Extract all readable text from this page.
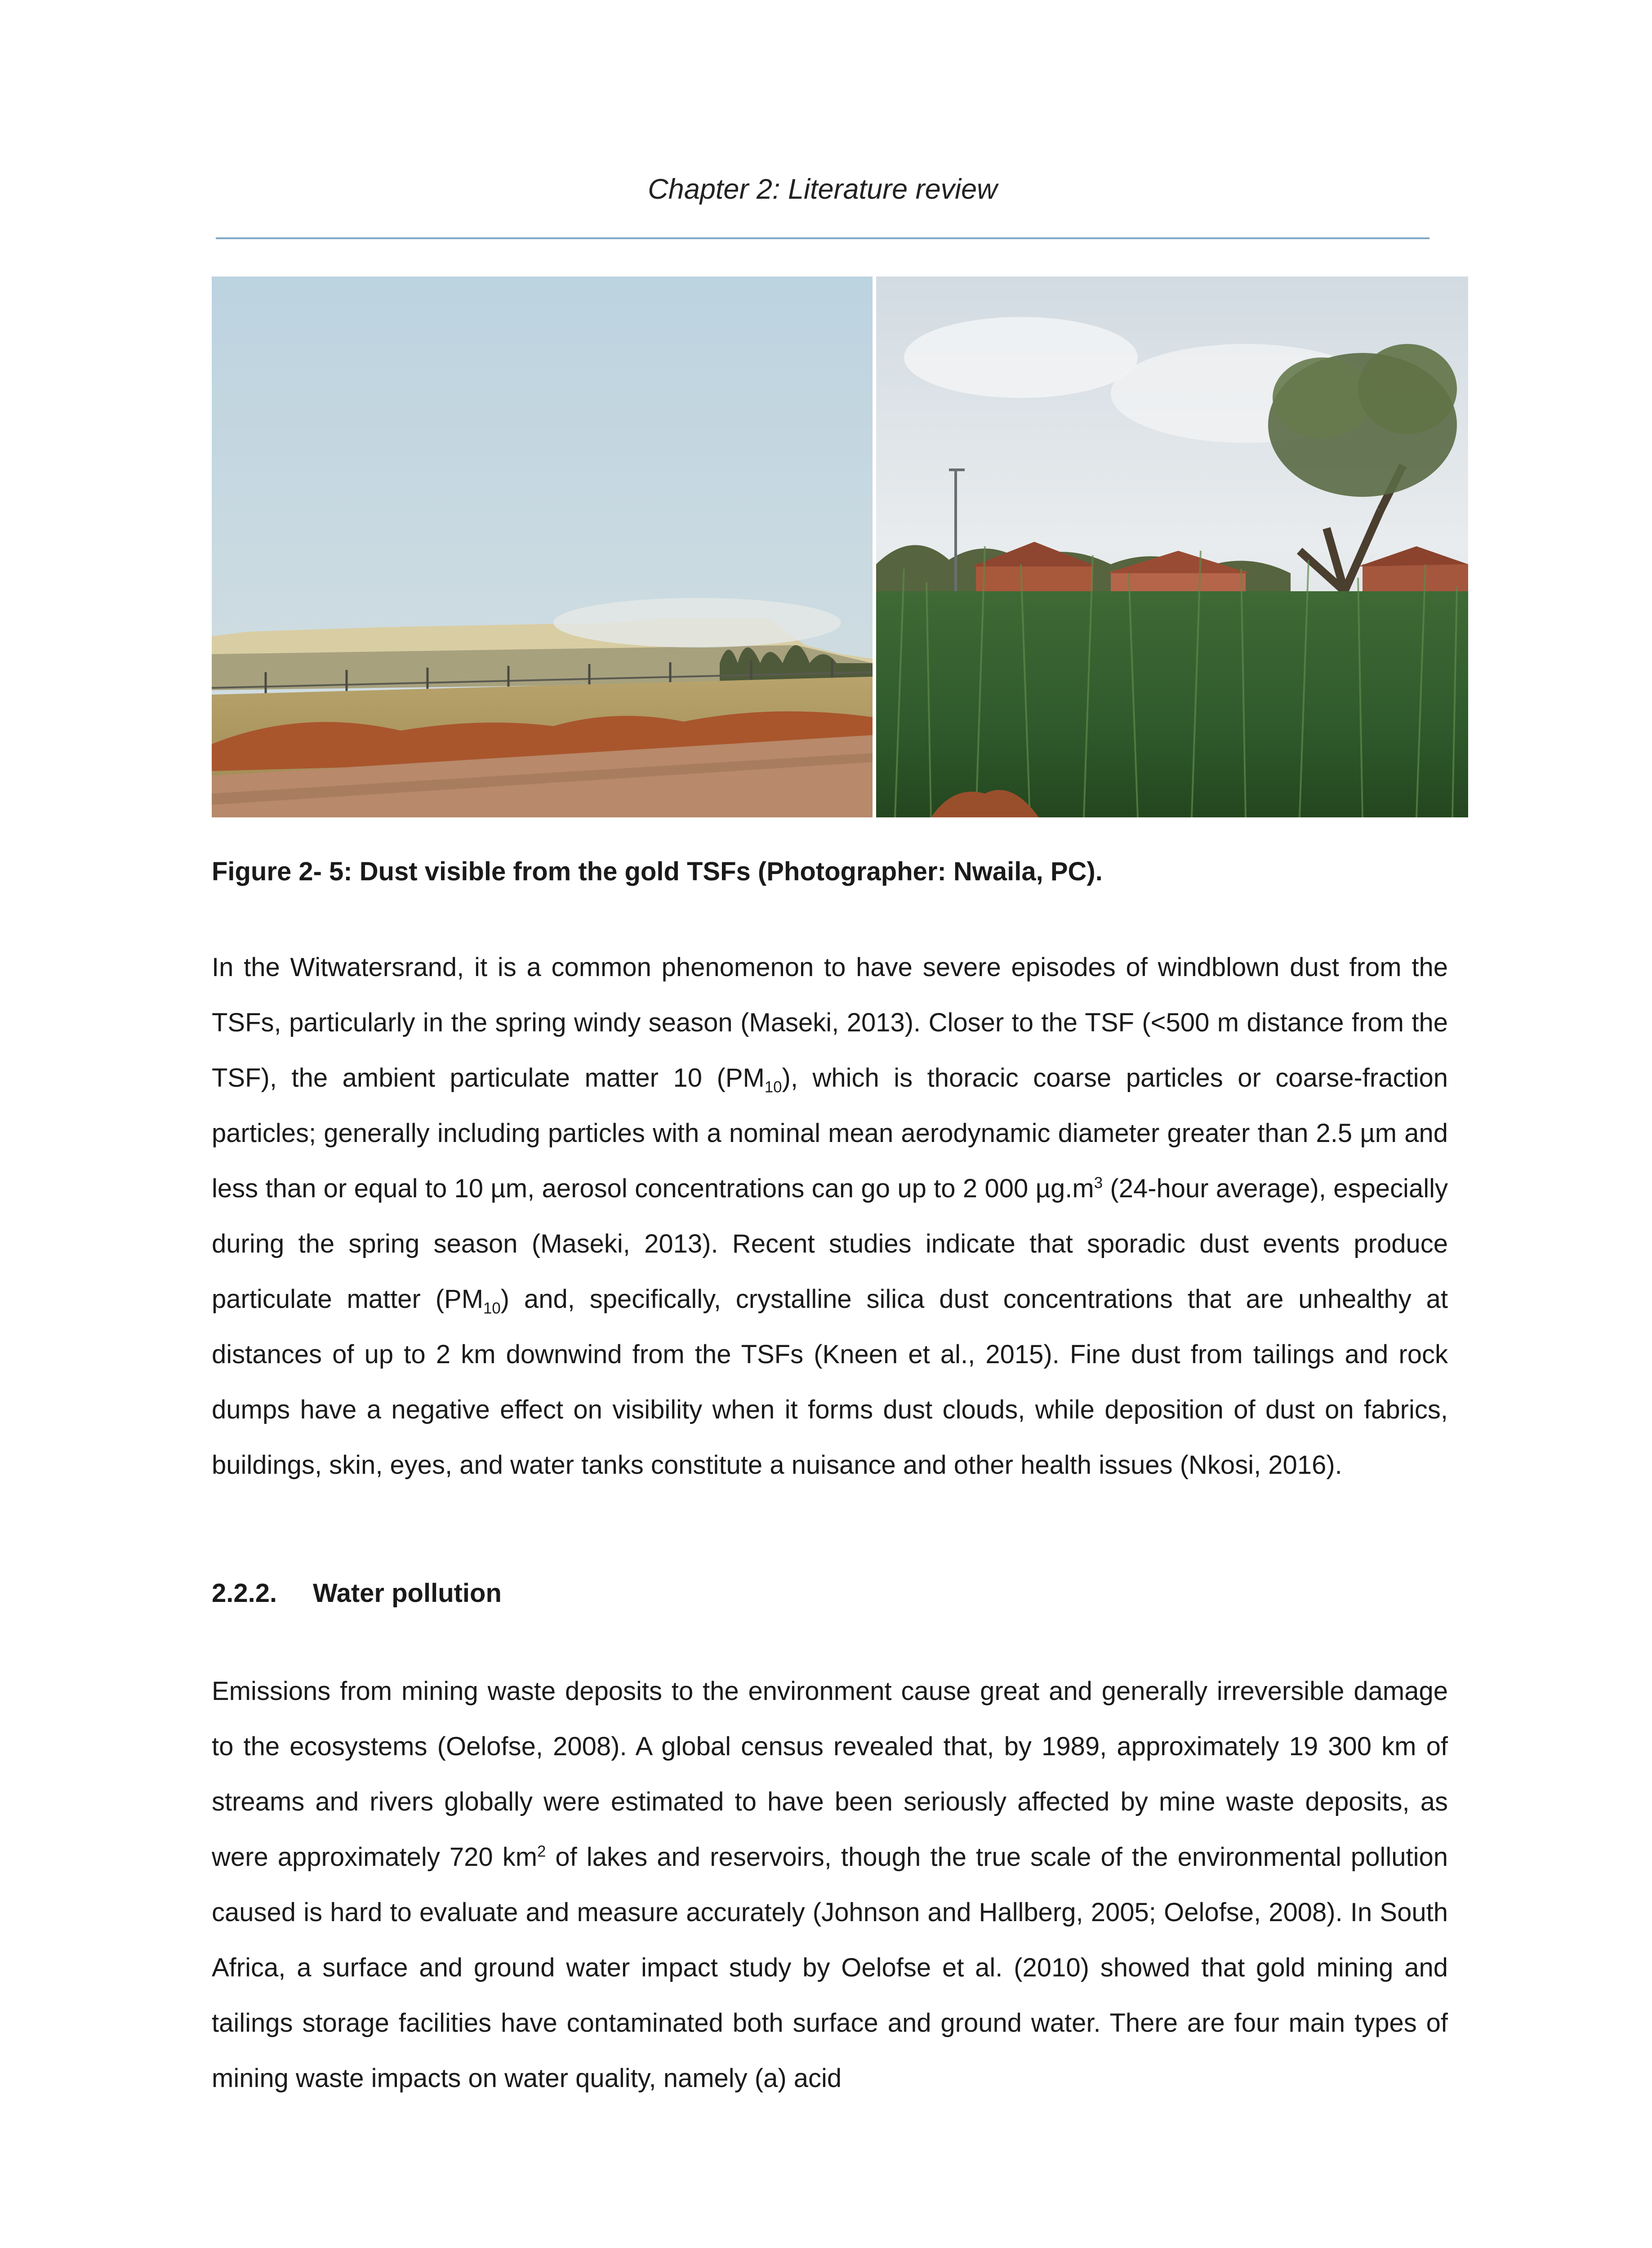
Chapter 2: Literature review
Figure 2- 5: Dust visible from the gold TSFs (Photographer: Nwaila, PC).

In the Witwatersrand, it is a common phenomenon to have severe episodes of windblown dust from the TSFs, particularly in the spring windy season (Maseki, 2013). Closer to the TSF (<500 m distance from the TSF), the ambient particulate matter 10 $(PM_{10})$, which is thoracic coarse particles or coarse-fraction particles; generally including particles with a nominal mean aerodynamic diameter greater than 2.5 µm and less than or equal to 10 µm, aerosol concentrations can go up to 2 000 $\mu g.m^3$ (24-hour average), especially during the spring season (Maseki, 2013). Recent studies indicate that sporadic dust events produce particulate matter $(PM_{10})$ and, specifically, crystalline silica dust concentrations that are unhealthy at distances of up to 2 km downwind from the TSFs (Kneen et al., 2015). Fine dust from tailings and rock dumps have a negative effect on visibility when it forms dust clouds, while deposition of dust on fabrics, buildings, skin, eyes, and water tanks constitute a nuisance and other health issues (Nkosi, 2016).

2.2.2. Water pollution

Emissions from mining waste deposits to the environment cause great and generally irreversible damage to the ecosystems (Oelofse, 2008). A global census revealed that, by 1989, approximately 19 300 km of streams and rivers globally were estimated to have been seriously affected by mine waste deposits, as were approximately 720 $km^2$ of lakes and reservoirs, though the true scale of the environmental pollution caused is hard to evaluate and measure accurately (Johnson and Hallberg, 2005; Oelofse, 2008). In South Africa, a surface and ground water impact study by Oelofse et al. (2010) showed that gold mining and tailings storage facilities have contaminated both surface and ground water. There are four main types of mining waste impacts on water quality, namely (a) acid
